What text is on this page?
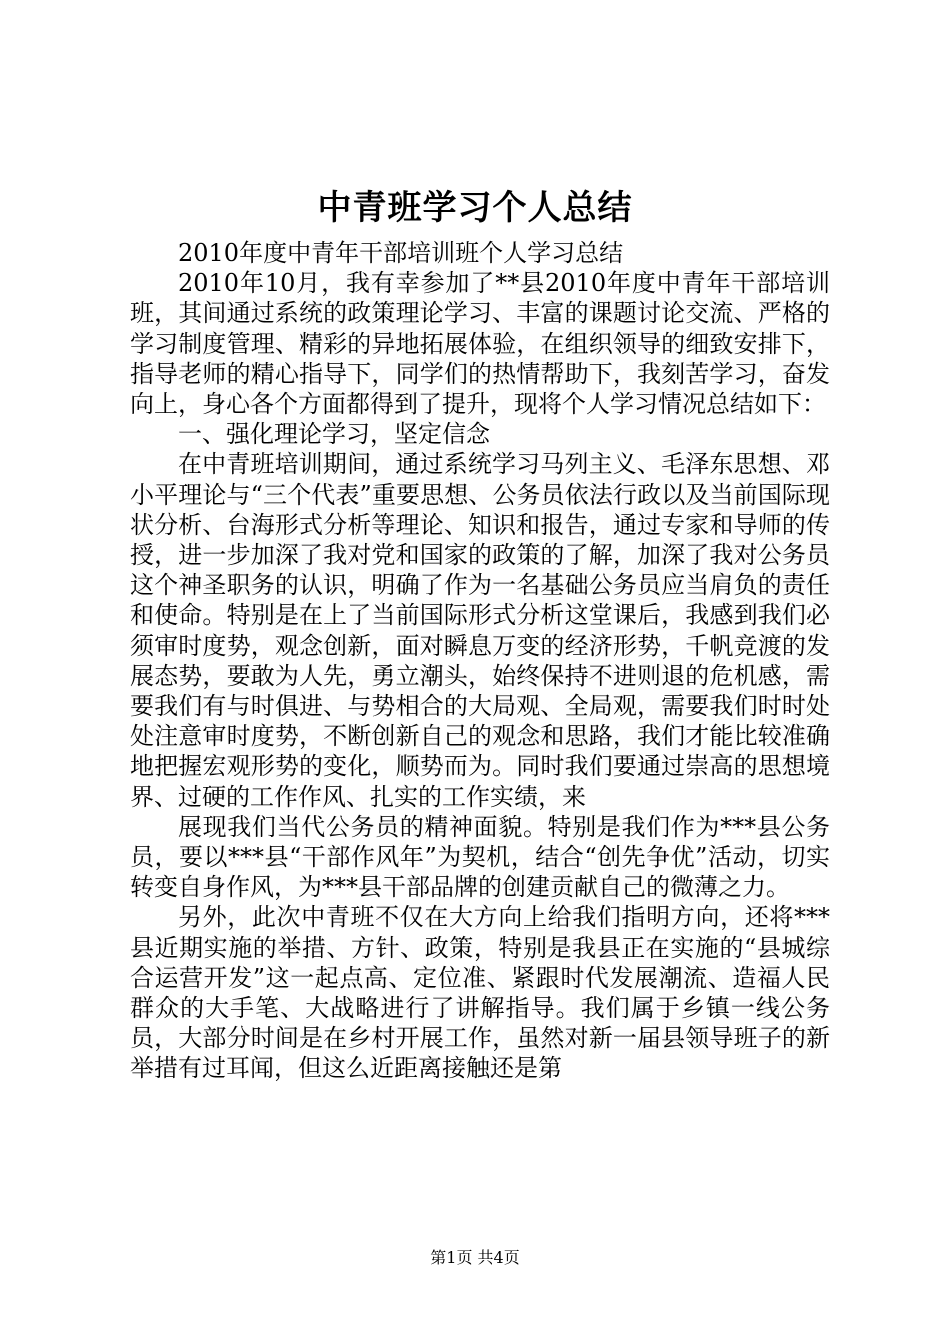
中青班学习个人总结

2010年度中青年干部培训班个人学习总结

2010年10月，我有幸参加了**县2010年度中青年干部培训班，其间通过系统的政策理论学习、丰富的课题讨论交流、严格的学习制度管理、精彩的异地拓展体验，在组织领导的细致安排下，指导老师的精心指导下，同学们的热情帮助下，我刻苦学习，奋发向上，身心各个方面都得到了提升，现将个人学习情况总结如下：

一、强化理论学习，坚定信念

在中青班培训期间，通过系统学习马列主义、毛泽东思想、邓小平理论与“三个代表”重要思想、公务员依法行政以及当前国际现状分析、台海形式分析等理论、知识和报告，通过专家和导师的传授，进一步加深了我对党和国家的政策的了解，加深了我对公务员这个神圣职务的认识，明确了作为一名基础公务员应当肩负的责任和使命。特别是在上了当前国际形式分析这堂课后，我感到我们必须审时度势，观念创新，面对瞬息万变的经济形势，千帆竞渡的发展态势，要敢为人先，勇立潮头，始终保持不进则退的危机感，需要我们有与时俱进、与势相合的大局观、全局观，需要我们时时处处注意审时度势，不断创新自己的观念和思路，我们才能比较准确地把握宏观形势的变化，顺势而为。同时我们要通过崇高的思想境界、过硬的工作作风、扎实的工作实绩，来

展现我们当代公务员的精神面貌。特别是我们作为***县公务员，要以***县“干部作风年”为契机，结合“创先争优”活动，切实转变自身作风，为***县干部品牌的创建贡献自己的微薄之力。

另外，此次中青班不仅在大方向上给我们指明方向，还将***县近期实施的举措、方针、政策，特别是我县正在实施的“县城综合运营开发”这一起点高、定位准、紧跟时代发展潮流、造福人民群众的大手笔、大战略进行了讲解指导。我们属于乡镇一线公务员，大部分时间是在乡村开展工作，虽然对新一届县领导班子的新举措有过耳闻，但这么近距离接触还是第

第1页 共4页
